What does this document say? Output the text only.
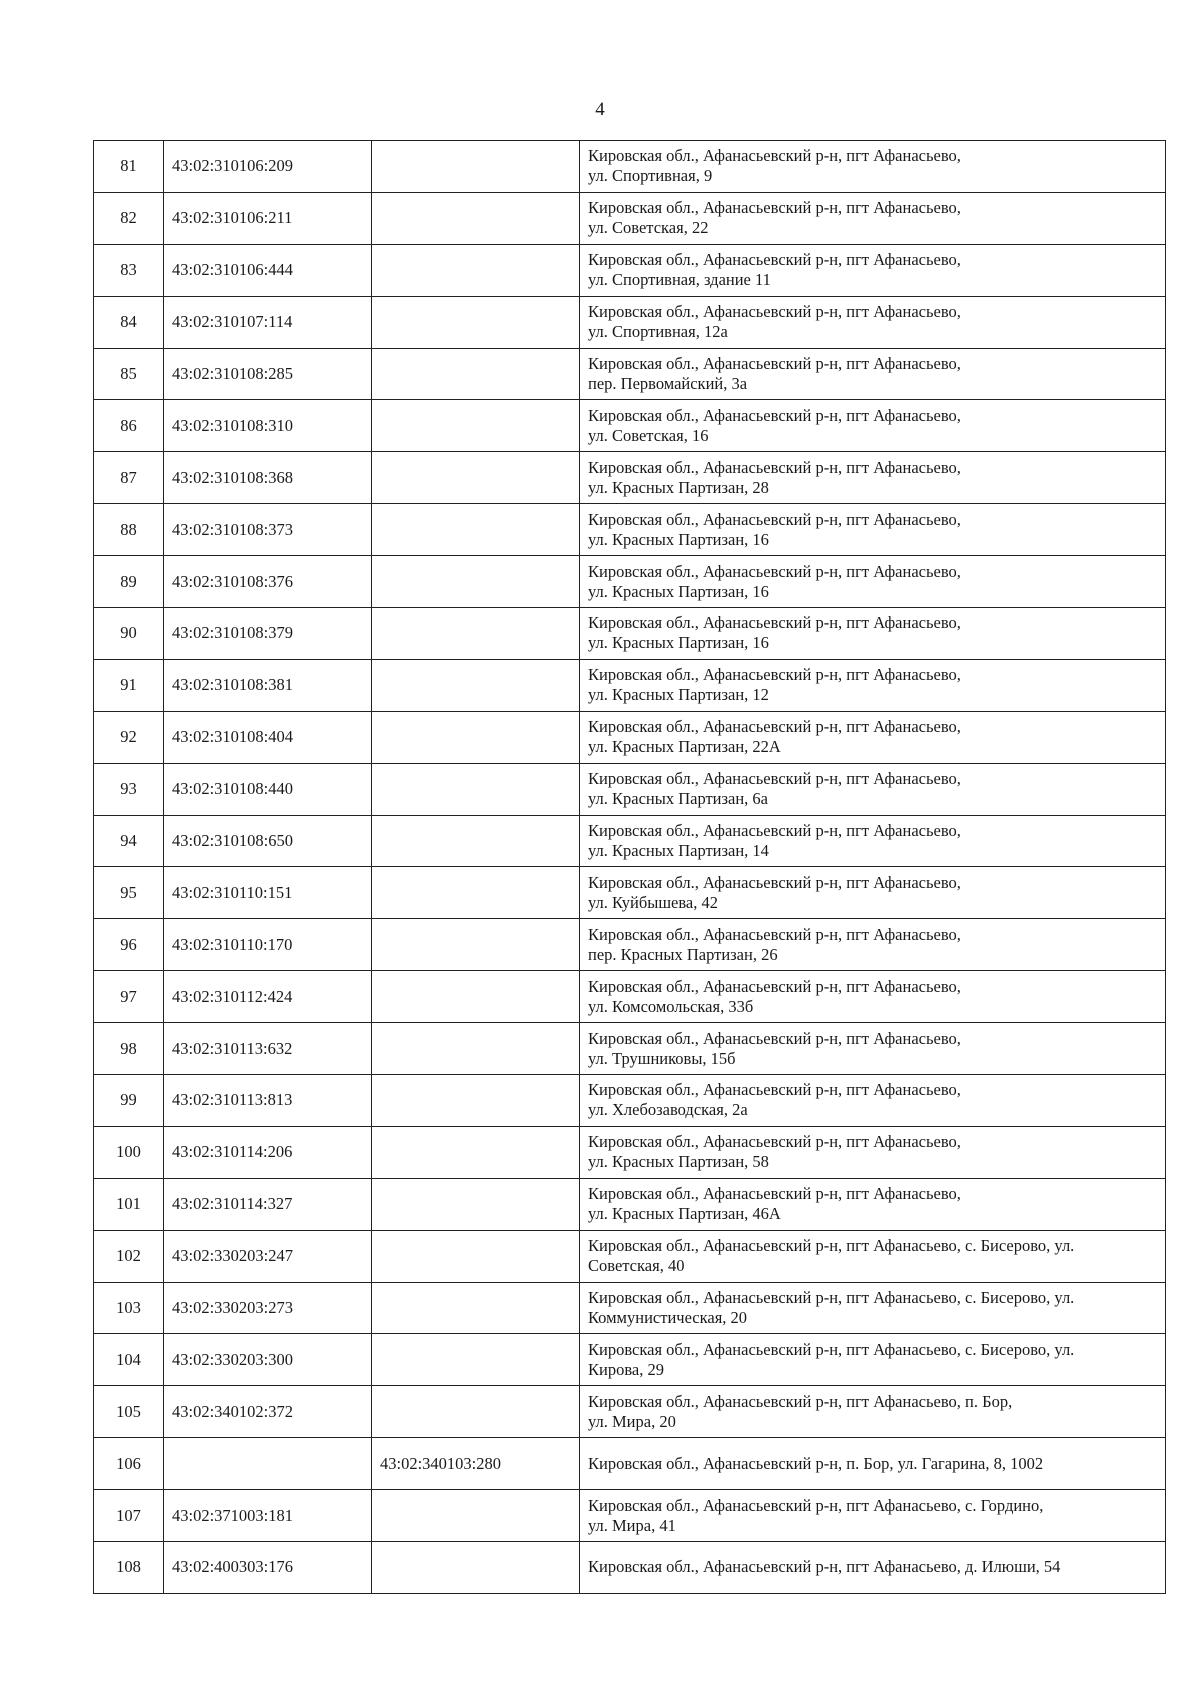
4
81	43:02:310106:209		Кировская обл., Афанасьевский р-н, пгт Афанасьево,
ул. Спортивная, 9

82	43:02:310106:211		Кировская обл., Афанасьевский р-н, пгт Афанасьево,
ул. Советская, 22

83	43:02:310106:444		Кировская обл., Афанасьевский р-н, пгт Афанасьево,
ул. Спортивная, здание 11

84	43:02:310107:114		Кировская обл., Афанасьевский р-н, пгт Афанасьево,
ул. Спортивная, 12а

85	43:02:310108:285		Кировская обл., Афанасьевский р-н, пгт Афанасьево,
пер. Первомайский, 3а

86	43:02:310108:310		Кировская обл., Афанасьевский р-н, пгт Афанасьево,
ул. Советская, 16

87	43:02:310108:368		Кировская обл., Афанасьевский р-н, пгт Афанасьево,
ул. Красных Партизан, 28

88	43:02:310108:373		Кировская обл., Афанасьевский р-н, пгт Афанасьево,
ул. Красных Партизан, 16

89	43:02:310108:376		Кировская обл., Афанасьевский р-н, пгт Афанасьево,
ул. Красных Партизан, 16

90	43:02:310108:379		Кировская обл., Афанасьевский р-н, пгт Афанасьево,
ул. Красных Партизан, 16

91	43:02:310108:381		Кировская обл., Афанасьевский р-н, пгт Афанасьево,
ул. Красных Партизан, 12

92	43:02:310108:404		Кировская обл., Афанасьевский р-н, пгт Афанасьево,
ул. Красных Партизан, 22А

93	43:02:310108:440		Кировская обл., Афанасьевский р-н, пгт Афанасьево,
ул. Красных Партизан, 6а

94	43:02:310108:650		Кировская обл., Афанасьевский р-н, пгт Афанасьево,
ул. Красных Партизан, 14

95	43:02:310110:151		Кировская обл., Афанасьевский р-н, пгт Афанасьево,
ул. Куйбышева, 42

96	43:02:310110:170		Кировская обл., Афанасьевский р-н, пгт Афанасьево,
пер. Красных Партизан, 26

97	43:02:310112:424		Кировская обл., Афанасьевский р-н, пгт Афанасьево,
ул. Комсомольская, 33б

98	43:02:310113:632		Кировская обл., Афанасьевский р-н, пгт Афанасьево,
ул. Трушниковы, 15б

99	43:02:310113:813		Кировская обл., Афанасьевский р-н, пгт Афанасьево,
ул. Хлебозаводская, 2а

100	43:02:310114:206		Кировская обл., Афанасьевский р-н, пгт Афанасьево,
ул. Красных Партизан, 58

101	43:02:310114:327		Кировская обл., Афанасьевский р-н, пгт Афанасьево,
ул. Красных Партизан, 46А

102	43:02:330203:247		Кировская обл., Афанасьевский р-н, пгт Афанасьево, с. Бисерово, ул.
Советская, 40

103	43:02:330203:273		Кировская обл., Афанасьевский р-н, пгт Афанасьево, с. Бисерово, ул.
Коммунистическая, 20

104	43:02:330203:300		Кировская обл., Афанасьевский р-н, пгт Афанасьево, с. Бисерово, ул.
Кирова, 29

105	43:02:340102:372		Кировская обл., Афанасьевский р-н, пгт Афанасьево, п. Бор,
ул. Мира, 20

106		43:02:340103:280	Кировская обл., Афанасьевский р-н, п. Бор, ул. Гагарина, 8, 1002

107	43:02:371003:181		Кировская обл., Афанасьевский р-н, пгт Афанасьево, с. Гордино,
ул. Мира, 41

108	43:02:400303:176		Кировская обл., Афанасьевский р-н, пгт Афанасьево, д. Илюши, 54
